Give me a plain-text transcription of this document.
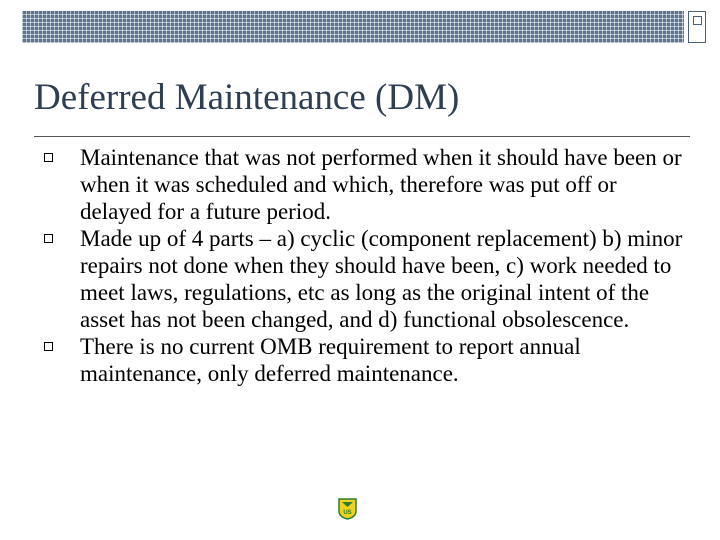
Deferred Maintenance (DM)
Maintenance that was not performed when it should have been or when it was scheduled and which, therefore was put off or delayed for a future period.
Made up of 4 parts – a) cyclic (component replacement) b) minor repairs not done when they should have been, c) work needed to meet laws, regulations, etc as long as the original intent of the asset has not been changed, and d) functional obsolescence.
There is no current OMB requirement to report annual maintenance, only deferred maintenance.
US
